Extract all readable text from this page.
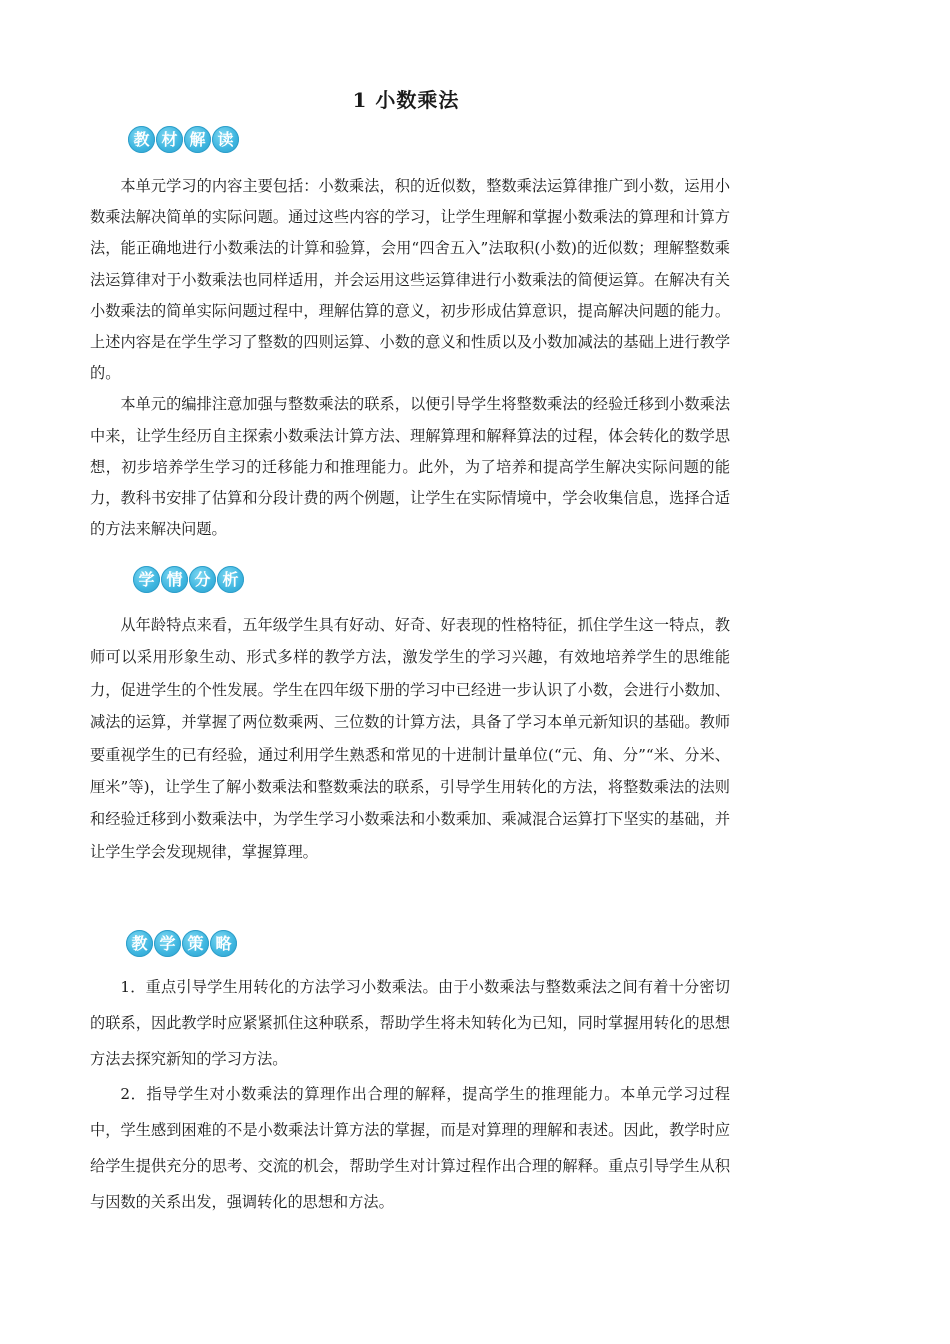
1 小数乘法
教 材 解 读

本单元学习的内容主要包括：小数乘法，积的近似数，整数乘法运算律推广到小数，运用小数乘法解决简单的实际问题。通过这些内容的学习，让学生理解和掌握小数乘法的算理和计算方法，能正确地进行小数乘法的计算和验算，会用“四舍五入”法取积(小数)的近似数；理解整数乘法运算律对于小数乘法也同样适用，并会运用这些运算律进行小数乘法的简便运算。在解决有关小数乘法的简单实际问题过程中，理解估算的意义，初步形成估算意识，提高解决问题的能力。上述内容是在学生学习了整数的四则运算、小数的意义和性质以及小数加减法的基础上进行教学的。

本单元的编排注意加强与整数乘法的联系，以便引导学生将整数乘法的经验迁移到小数乘法中来，让学生经历自主探索小数乘法计算方法、理解算理和解释算法的过程，体会转化的数学思想，初步培养学生学习的迁移能力和推理能力。此外，为了培养和提高学生解决实际问题的能力，教科书安排了估算和分段计费的两个例题，让学生在实际情境中，学会收集信息，选择合适的方法来解决问题。

学 情 分 析

从年龄特点来看，五年级学生具有好动、好奇、好表现的性格特征，抓住学生这一特点，教师可以采用形象生动、形式多样的教学方法，激发学生的学习兴趣，有效地培养学生的思维能力，促进学生的个性发展。学生在四年级下册的学习中已经进一步认识了小数，会进行小数加、减法的运算，并掌握了两位数乘两、三位数的计算方法，具备了学习本单元新知识的基础。教师要重视学生的已有经验，通过利用学生熟悉和常见的十进制计量单位(“元、角、分”“米、分米、厘米”等)，让学生了解小数乘法和整数乘法的联系，引导学生用转化的方法，将整数乘法的法则和经验迁移到小数乘法中，为学生学习小数乘法和小数乘加、乘减混合运算打下坚实的基础，并让学生学会发现规律，掌握算理。

教 学 策 略

1．重点引导学生用转化的方法学习小数乘法。由于小数乘法与整数乘法之间有着十分密切的联系，因此教学时应紧紧抓住这种联系，帮助学生将未知转化为已知，同时掌握用转化的思想方法去探究新知的学习方法。

2．指导学生对小数乘法的算理作出合理的解释，提高学生的推理能力。本单元学习过程中，学生感到困难的不是小数乘法计算方法的掌握，而是对算理的理解和表述。因此，教学时应给学生提供充分的思考、交流的机会，帮助学生对计算过程作出合理的解释。重点引导学生从积与因数的关系出发，强调转化的思想和方法。
